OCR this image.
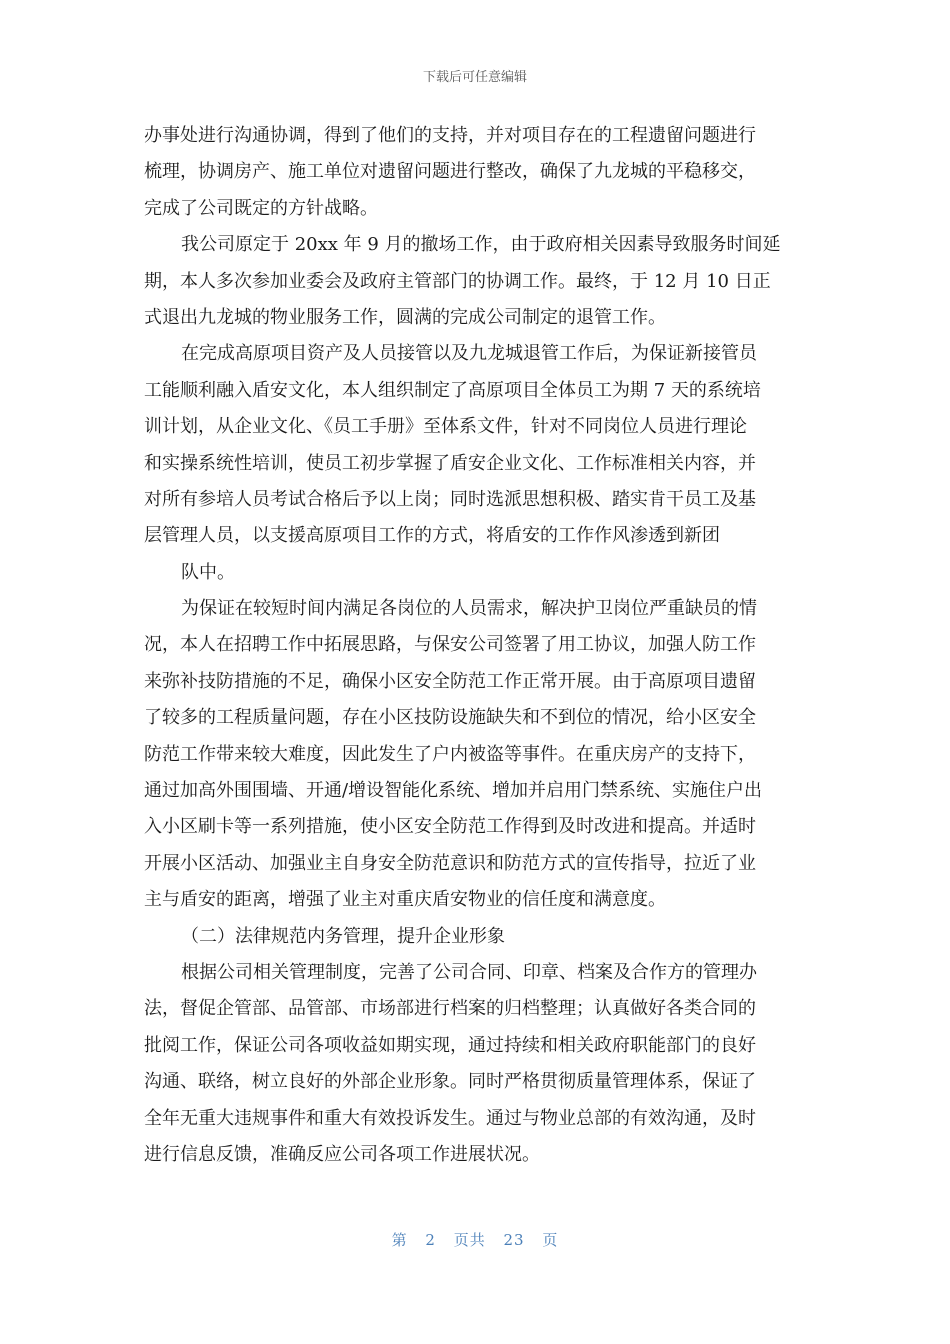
下载后可任意编辑
办事处进行沟通协调，得到了他们的支持，并对项目存在的工程遗留问题进行
梳理，协调房产、施工单位对遗留问题进行整改，确保了九龙城的平稳移交，
完成了公司既定的方针战略。
我公司原定于 20xx 年 9 月的撤场工作，由于政府相关因素导致服务时间延
期，本人多次参加业委会及政府主管部门的协调工作。最终，于 12 月 10 日正
式退出九龙城的物业服务工作，圆满的完成公司制定的退管工作。
在完成高原项目资产及人员接管以及九龙城退管工作后，为保证新接管员
工能顺利融入盾安文化，本人组织制定了高原项目全体员工为期 7 天的系统培
训计划，从企业文化、《员工手册》至体系文件，针对不同岗位人员进行理论
和实操系统性培训，使员工初步掌握了盾安企业文化、工作标准相关内容，并
对所有参培人员考试合格后予以上岗；同时选派思想积极、踏实肯干员工及基
层管理人员，以支援高原项目工作的方式，将盾安的工作作风渗透到新团
队中。
为保证在较短时间内满足各岗位的人员需求，解决护卫岗位严重缺员的情
况，本人在招聘工作中拓展思路，与保安公司签署了用工协议，加强人防工作
来弥补技防措施的不足，确保小区安全防范工作正常开展。由于高原项目遗留
了较多的工程质量问题，存在小区技防设施缺失和不到位的情况，给小区安全
防范工作带来较大难度，因此发生了户内被盗等事件。在重庆房产的支持下，
通过加高外围围墙、开通/增设智能化系统、增加并启用门禁系统、实施住户出
入小区刷卡等一系列措施，使小区安全防范工作得到及时改进和提高。并适时
开展小区活动、加强业主自身安全防范意识和防范方式的宣传指导，拉近了业
主与盾安的距离，增强了业主对重庆盾安物业的信任度和满意度。
（二）法律规范内务管理，提升企业形象
根据公司相关管理制度，完善了公司合同、印章、档案及合作方的管理办
法，督促企管部、品管部、市场部进行档案的归档整理；认真做好各类合同的
批阅工作，保证公司各项收益如期实现，通过持续和相关政府职能部门的良好
沟通、联络，树立良好的外部企业形象。同时严格贯彻质量管理体系，保证了
全年无重大违规事件和重大有效投诉发生。通过与物业总部的有效沟通，及时
进行信息反馈，准确反应公司各项工作进展状况。
第 2 页共 23 页
